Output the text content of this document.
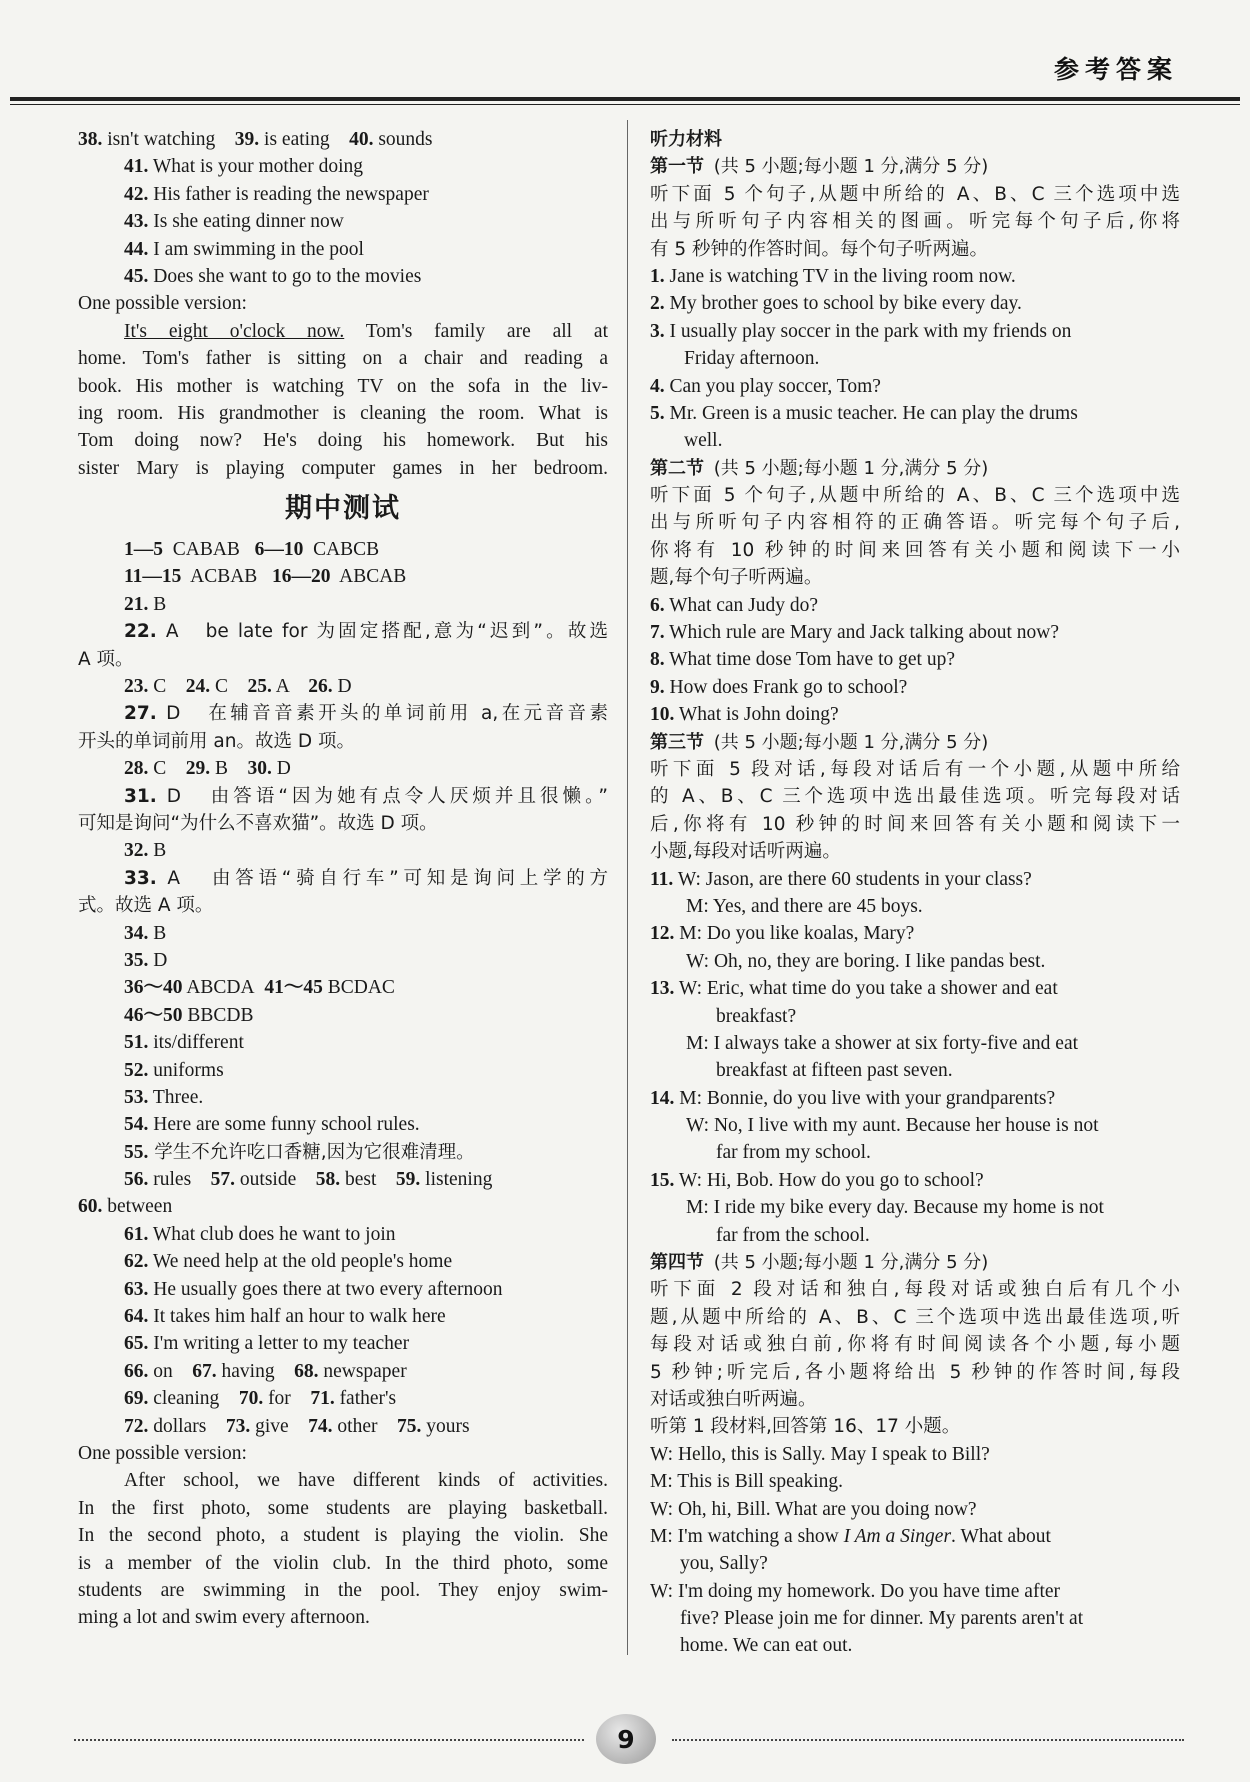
参考答案
38. isn't watching    39. is eating    40. sounds
41. What is your mother doing
42. His father is reading the newspaper
43. Is she eating dinner now
44. I am swimming in the pool
45. Does she want to go to the movies
One possible version:
It's eight o'clock now. Tom's family are all at
home. Tom's father is sitting on a chair and reading a
book. His mother is watching TV on the sofa in the liv-
ing room. His grandmother is cleaning the room. What is
Tom doing now? He's doing his homework. But his
sister Mary is playing computer games in her bedroom.
期中测试
1—5 CABAB 6—10 CABCB
11—15 ACBAB 16—20 ABCAB
21. B
22. A   be late for 为固定搭配,意为“迟到”。故选
A 项。
23. C    24. C    25. A    26. D
27. D   在辅音音素开头的单词前用 a,在元音音素
开头的单词前用 an。故选 D 项。
28. C    29. B    30. D
31. D   由答语“因为她有点令人厌烦并且很懒。”
可知是询问“为什么不喜欢猫”。故选 D 项。
32. B
33. A   由答语“骑自行车”可知是询问上学的方
式。故选 A 项。
34. B
35. D
36～40 ABCDA 41～45 BCDAC
46～50 BBCDB
51. its/different
52. uniforms
53. Three.
54. Here are some funny school rules.
55. 学生不允许吃口香糖,因为它很难清理。
56. rules    57. outside    58. best    59. listening
60. between
61. What club does he want to join
62. We need help at the old people's home
63. He usually goes there at two every afternoon
64. It takes him half an hour to walk here
65. I'm writing a letter to my teacher
66. on    67. having    68. newspaper
69. cleaning    70. for    71. father's
72. dollars    73. give    74. other    75. yours
One possible version:
After school, we have different kinds of activities.
In the first photo, some students are playing basketball.
In the second photo, a student is playing the violin. She
is a member of the violin club. In the third photo, some
students are swimming in the pool. They enjoy swim-
ming a lot and swim every afternoon.
听力材料
第一节 (共 5 小题;每小题 1 分,满分 5 分)
听下面 5 个句子,从题中所给的 A、B、C 三个选项中选
出与所听句子内容相关的图画。听完每个句子后,你将
有 5 秒钟的作答时间。每个句子听两遍。
1. Jane is watching TV in the living room now.
2. My brother goes to school by bike every day.
3. I usually play soccer in the park with my friends on
Friday afternoon.
4. Can you play soccer, Tom?
5. Mr. Green is a music teacher. He can play the drums
well.
第二节 (共 5 小题;每小题 1 分,满分 5 分)
听下面 5 个句子,从题中所给的 A、B、C 三个选项中选
出与所听句子内容相符的正确答语。听完每个句子后,
你将有 10 秒钟的时间来回答有关小题和阅读下一小
题,每个句子听两遍。
6. What can Judy do?
7. Which rule are Mary and Jack talking about now?
8. What time dose Tom have to get up?
9. How does Frank go to school?
10. What is John doing?
第三节 (共 5 小题;每小题 1 分,满分 5 分)
听下面 5 段对话,每段对话后有一个小题,从题中所给
的 A、B、C 三个选项中选出最佳选项。听完每段对话
后,你将有 10 秒钟的时间来回答有关小题和阅读下一
小题,每段对话听两遍。
11. W: Jason, are there 60 students in your class?
M: Yes, and there are 45 boys.
12. M: Do you like koalas, Mary?
W: Oh, no, they are boring. I like pandas best.
13. W: Eric, what time do you take a shower and eat
breakfast?
M: I always take a shower at six forty-five and eat
breakfast at fifteen past seven.
14. M: Bonnie, do you live with your grandparents?
W: No, I live with my aunt. Because her house is not
far from my school.
15. W: Hi, Bob. How do you go to school?
M: I ride my bike every day. Because my home is not
far from the school.
第四节 (共 5 小题;每小题 1 分,满分 5 分)
听下面 2 段对话和独白,每段对话或独白后有几个小
题,从题中所给的 A、B、C 三个选项中选出最佳选项,听
每段对话或独白前,你将有时间阅读各个小题,每小题
5 秒钟;听完后,各小题将给出 5 秒钟的作答时间,每段
对话或独白听两遍。
听第 1 段材料,回答第 16、17 小题。
W: Hello, this is Sally. May I speak to Bill?
M: This is Bill speaking.
W: Oh, hi, Bill. What are you doing now?
M: I'm watching a show I Am a Singer. What about
you, Sally?
W: I'm doing my homework. Do you have time after
five? Please join me for dinner. My parents aren't at
home. We can eat out.
9
